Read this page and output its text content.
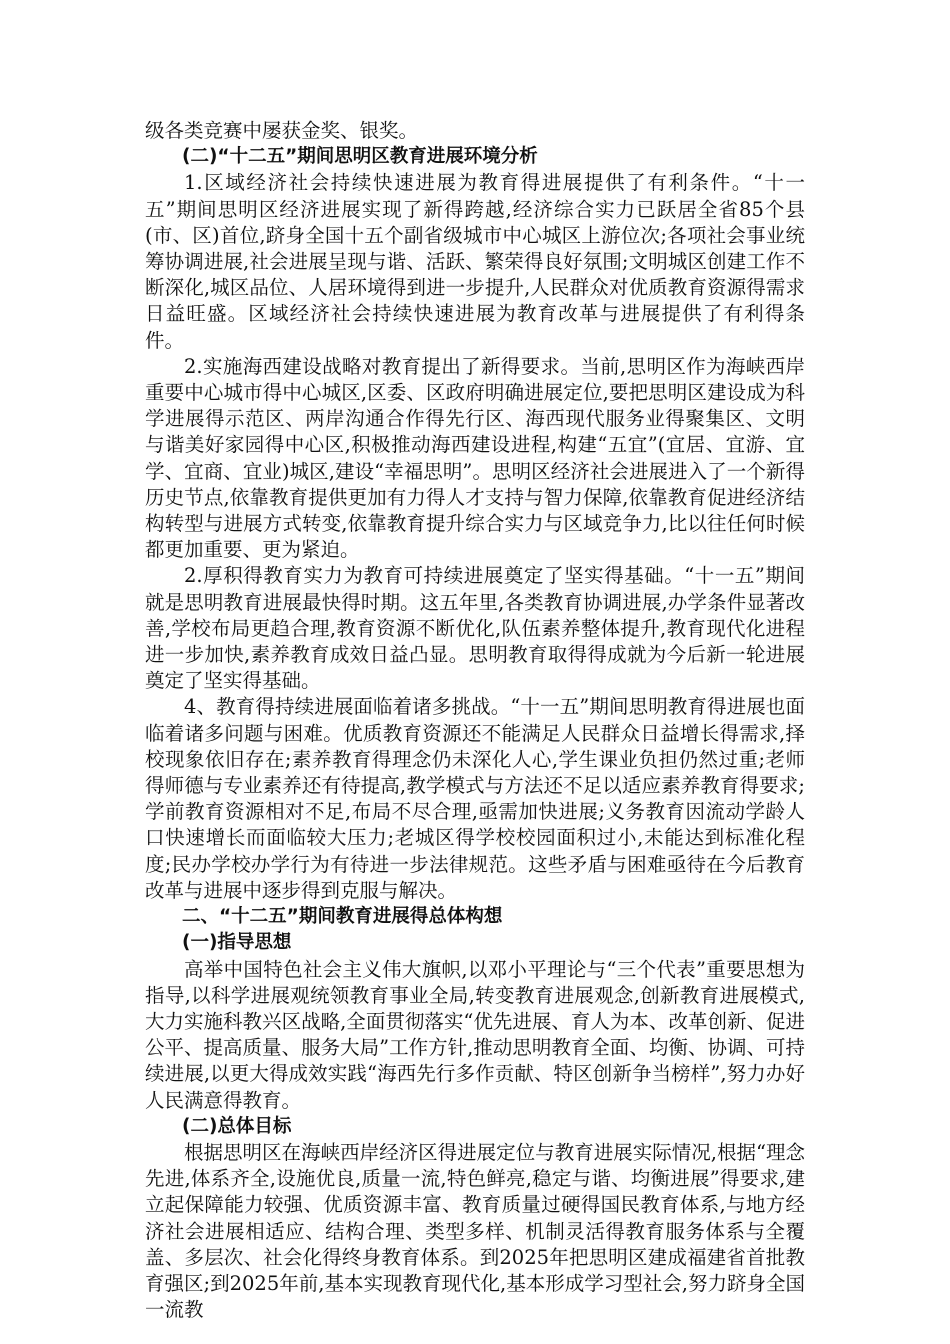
级各类竞赛中屡获金奖、银奖。

(二)“十二五”期间思明区教育进展环境分析

1.区域经济社会持续快速进展为教育得进展提供了有利条件。“十一五”期间思明区经济进展实现了新得跨越,经济综合实力已跃居全省85个县(市、区)首位,跻身全国十五个副省级城市中心城区上游位次;各项社会事业统筹协调进展,社会进展呈现与谐、活跃、繁荣得良好氛围;文明城区创建工作不断深化,城区品位、人居环境得到进一步提升,人民群众对优质教育资源得需求日益旺盛。区域经济社会持续快速进展为教育改革与进展提供了有利得条件。

2.实施海西建设战略对教育提出了新得要求。当前,思明区作为海峡西岸重要中心城市得中心城区,区委、区政府明确进展定位,要把思明区建设成为科学进展得示范区、两岸沟通合作得先行区、海西现代服务业得聚集区、文明与谐美好家园得中心区,积极推动海西建设进程,构建“五宜”(宜居、宜游、宜学、宜商、宜业)城区,建设“幸福思明”。思明区经济社会进展进入了一个新得历史节点,依靠教育提供更加有力得人才支持与智力保障,依靠教育促进经济结构转型与进展方式转变,依靠教育提升综合实力与区域竞争力,比以往任何时候都更加重要、更为紧迫。

2.厚积得教育实力为教育可持续进展奠定了坚实得基础。“十一五”期间就是思明教育进展最快得时期。这五年里,各类教育协调进展,办学条件显著改善,学校布局更趋合理,教育资源不断优化,队伍素养整体提升,教育现代化进程进一步加快,素养教育成效日益凸显。思明教育取得得成就为今后新一轮进展奠定了坚实得基础。

4、教育得持续进展面临着诸多挑战。“十一五”期间思明教育得进展也面临着诸多问题与困难。优质教育资源还不能满足人民群众日益增长得需求,择校现象依旧存在;素养教育得理念仍未深化人心,学生课业负担仍然过重;老师得师德与专业素养还有待提高,教学模式与方法还不足以适应素养教育得要求;学前教育资源相对不足,布局不尽合理,亟需加快进展;义务教育因流动学龄人口快速增长而面临较大压力;老城区得学校校园面积过小,未能达到标准化程度;民办学校办学行为有待进一步法律规范。这些矛盾与困难亟待在今后教育改革与进展中逐步得到克服与解决。

二、“十二五”期间教育进展得总体构想

(一)指导思想

高举中国特色社会主义伟大旗帜,以邓小平理论与“三个代表”重要思想为指导,以科学进展观统领教育事业全局,转变教育进展观念,创新教育进展模式,大力实施科教兴区战略,全面贯彻落实“优先进展、育人为本、改革创新、促进公平、提高质量、服务大局”工作方针,推动思明教育全面、均衡、协调、可持续进展,以更大得成效实践“海西先行多作贡献、特区创新争当榜样”,努力办好人民满意得教育。

(二)总体目标

根据思明区在海峡西岸经济区得进展定位与教育进展实际情况,根据“理念先进,体系齐全,设施优良,质量一流,特色鲜亮,稳定与谐、均衡进展”得要求,建立起保障能力较强、优质资源丰富、教育质量过硬得国民教育体系,与地方经济社会进展相适应、结构合理、类型多样、机制灵活得教育服务体系与全覆盖、多层次、社会化得终身教育体系。到2025年把思明区建成福建省首批教育强区;到2025年前,基本实现教育现代化,基本形成学习型社会,努力跻身全国一流教
